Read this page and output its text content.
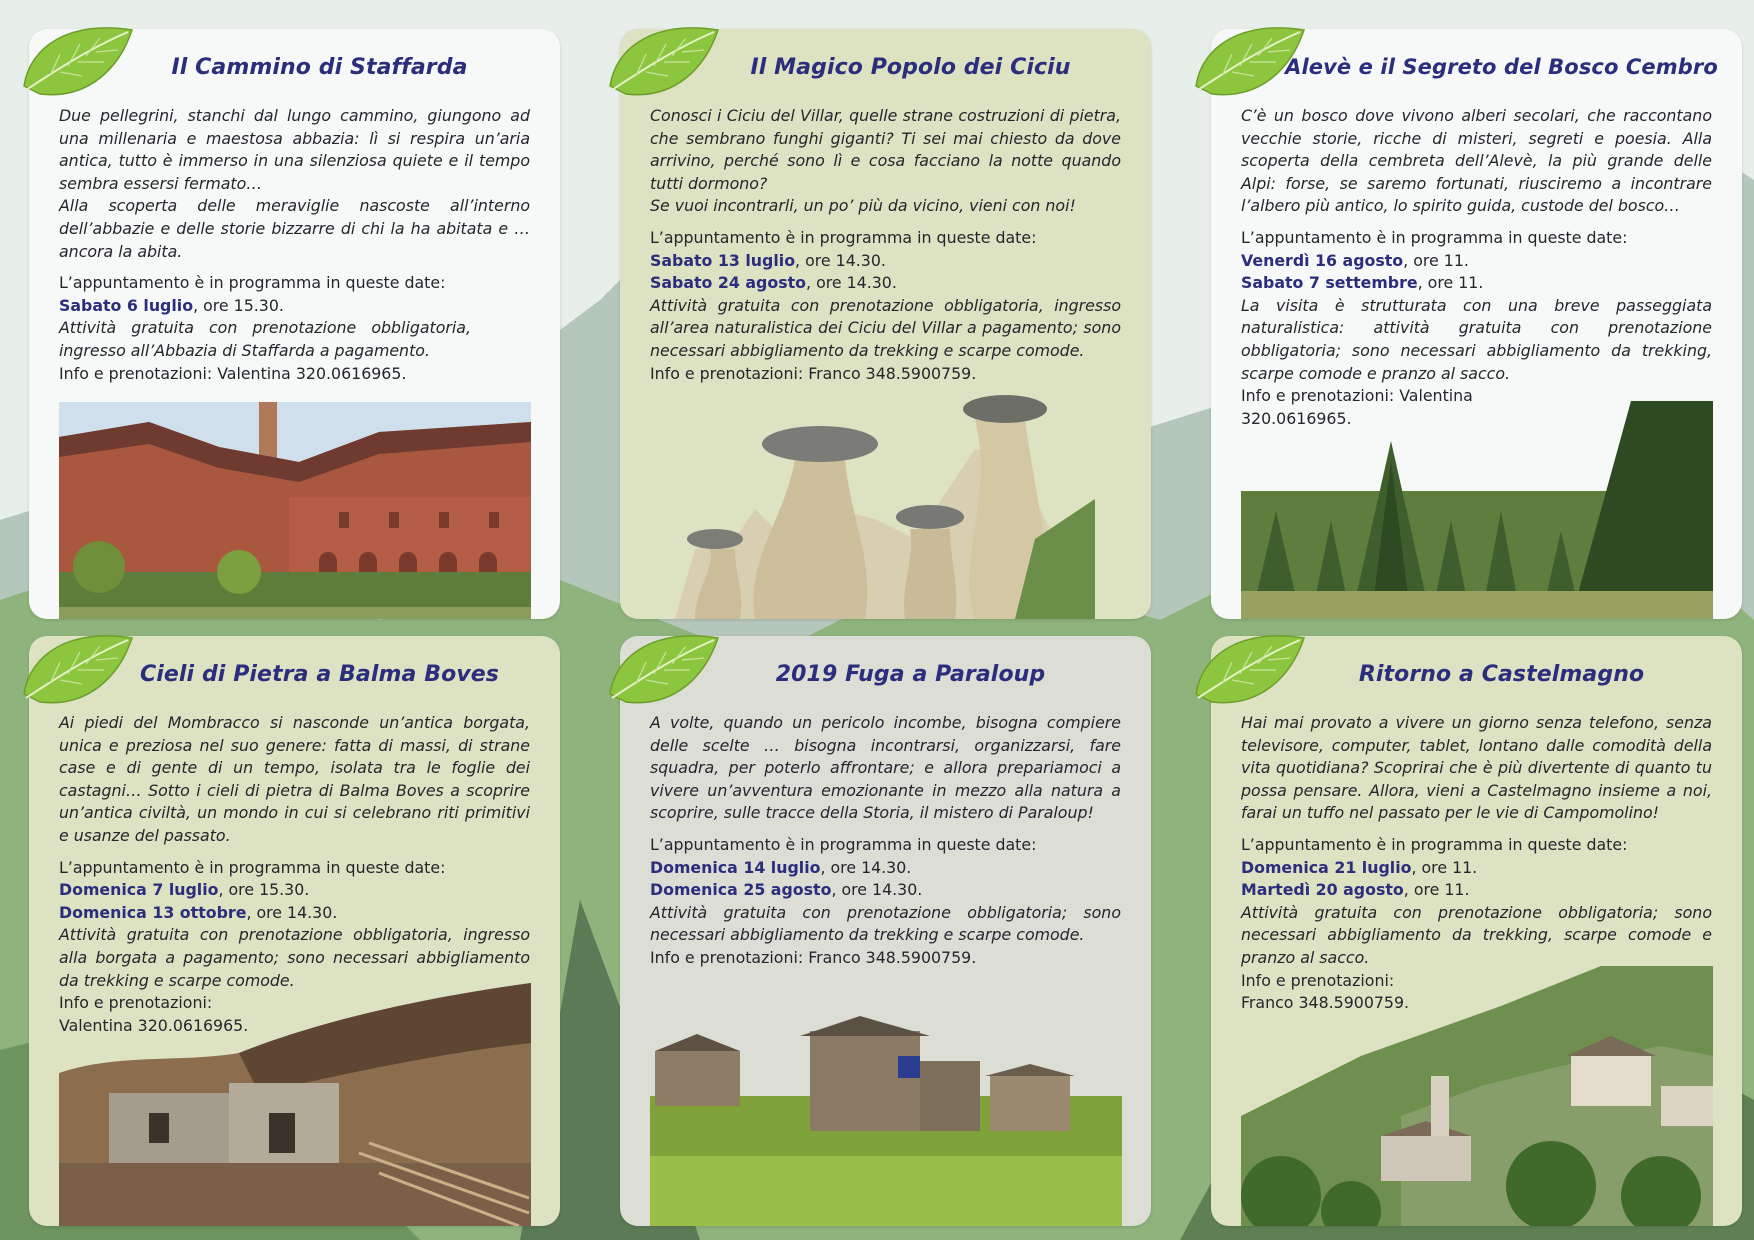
Il Cammino di Staffarda

Due pellegrini, stanchi dal lungo cammino, giungono ad una millenaria e maestosa abbazia: lì si respira un’aria antica, tutto è immerso in una silenziosa quiete e il tempo sembra essersi fermato…

Alla scoperta delle meraviglie nascoste all’interno dell’abbazie e delle storie bizzarre di chi la ha abitata e … ancora la abita.

L’appuntamento è in programma in queste date:

Sabato 6 luglio, ore 15.30.

Attività gratuita con prenotazione obbligatoria, ingresso all’Abbazia di Staffarda a pagamento.

Info e prenotazioni: Valentina 320.0616965.

Il Magico Popolo dei Ciciu

Conosci i Ciciu del Villar, quelle strane costruzioni di pietra, che sembrano funghi giganti? Ti sei mai chiesto da dove arrivino, perché sono lì e cosa facciano la notte quando tutti dormono?

Se vuoi incontrarli, un po’ più da vicino, vieni con noi!

L’appuntamento è in programma in queste date:

Sabato 13 luglio, ore 14.30.

Sabato 24 agosto, ore 14.30.

Attività gratuita con prenotazione obbligatoria, ingresso all’area naturalistica dei Ciciu del Villar a pagamento; sono necessari abbigliamento da trekking e scarpe comode.

Info e prenotazioni: Franco 348.5900759.

Alevè e il Segreto del Bosco Cembro

C’è un bosco dove vivono alberi secolari, che raccontano vecchie storie, ricche di misteri, segreti e poesia. Alla scoperta della cembreta dell’Alevè, la più grande delle Alpi: forse, se saremo fortunati, riusciremo a incontrare l’albero più antico, lo spirito guida, custode del bosco…

L’appuntamento è in programma in queste date:

Venerdì 16 agosto, ore 11.

Sabato 7 settembre, ore 11.

La visita è strutturata con una breve passeggiata naturalistica: attività gratuita con prenotazione obbligatoria; sono necessari abbigliamento da trekking, scarpe comode e pranzo al sacco.

Info e prenotazioni: Valentina 320.0616965.

Cieli di Pietra a Balma Boves

Ai piedi del Mombracco si nasconde un’antica borgata, unica e preziosa nel suo genere: fatta di massi, di strane case e di gente di un tempo, isolata tra le foglie dei castagni… Sotto i cieli di pietra di Balma Boves a scoprire un’antica civiltà, un mondo in cui si celebrano riti primitivi e usanze del passato.

L’appuntamento è in programma in queste date:

Domenica 7 luglio, ore 15.30.

Domenica 13 ottobre, ore 14.30.

Attività gratuita con prenotazione obbligatoria, ingresso alla borgata a pagamento; sono necessari abbigliamento da trekking e scarpe comode.

Info e prenotazioni:

Valentina 320.0616965.

2019 Fuga a Paraloup

A volte, quando un pericolo incombe, bisogna compiere delle scelte … bisogna incontrarsi, organizzarsi, fare squadra, per poterlo affrontare; e allora prepariamoci a vivere un’avventura emozionante in mezzo alla natura a scoprire, sulle tracce della Storia, il mistero di Paraloup!

L’appuntamento è in programma in queste date:

Domenica 14 luglio, ore 14.30.

Domenica 25 agosto, ore 14.30.

Attività gratuita con prenotazione obbligatoria; sono necessari abbigliamento da trekking e scarpe comode.

Info e prenotazioni: Franco 348.5900759.

Ritorno a Castelmagno

Hai mai provato a vivere un giorno senza telefono, senza televisore, computer, tablet, lontano dalle comodità della vita quotidiana? Scoprirai che è più divertente di quanto tu possa pensare. Allora, vieni a Castelmagno insieme a noi, farai un tuffo nel passato per le vie di Campomolino!

L’appuntamento è in programma in queste date:

Domenica 21 luglio, ore 11.

Martedì 20 agosto, ore 11.

Attività gratuita con prenotazione obbligatoria; sono necessari abbigliamento da trekking, scarpe comode e pranzo al sacco.

Info e prenotazioni:

Franco 348.5900759.
